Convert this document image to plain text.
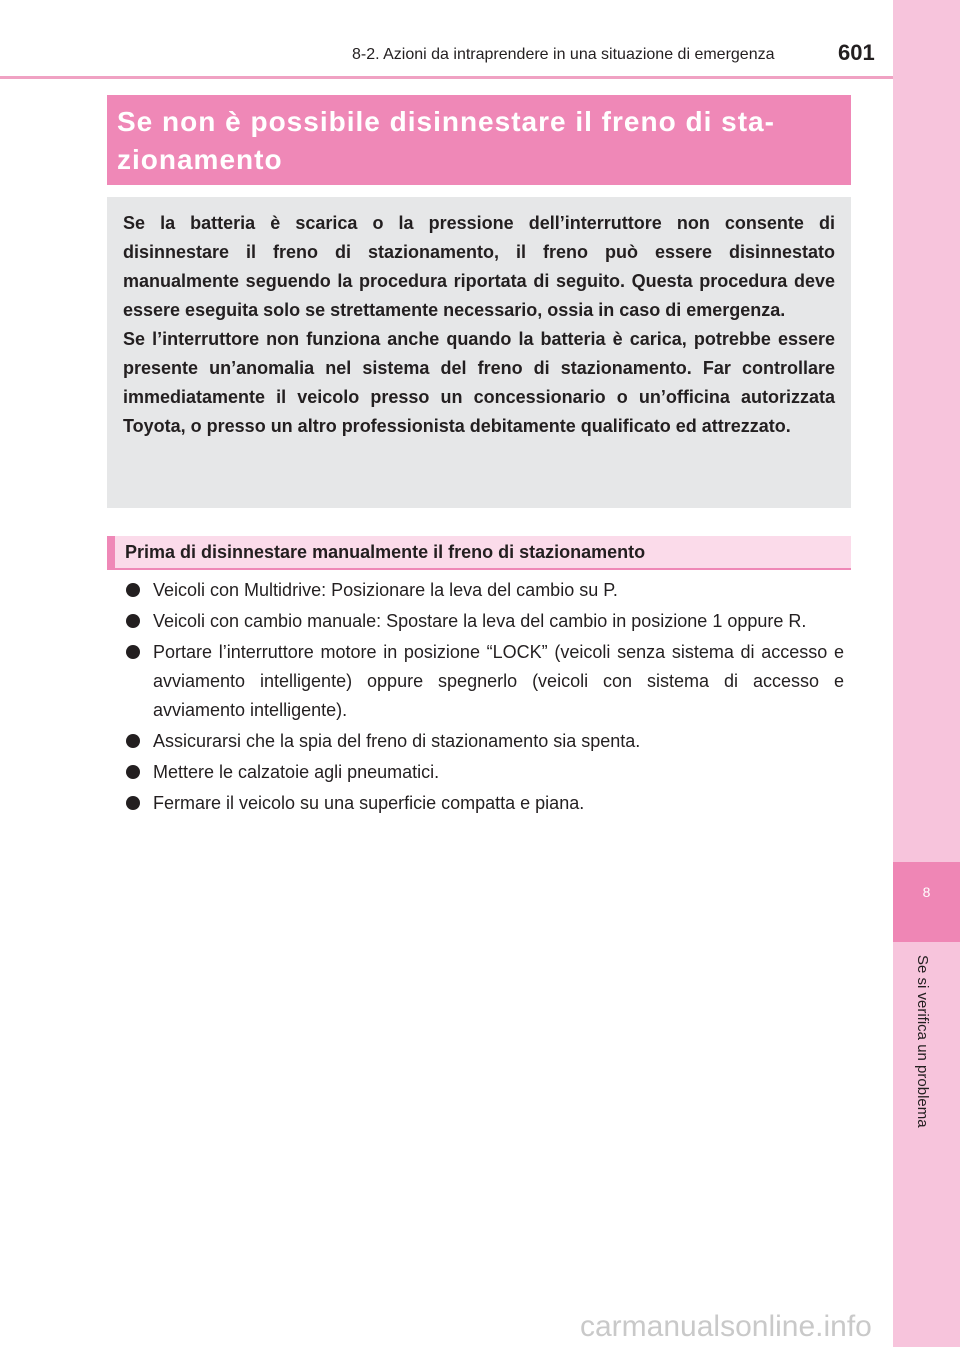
8-2. Azioni da intraprendere in una situazione di emergenza	601
8
Se si verifica un problema
Se non è possibile disinnestare il freno di sta-
zionamento

Se la batteria è scarica o la pressione dell’interruttore non consente di disinnestare il freno di stazionamento, il freno può essere disinnestato manualmente seguendo la procedura riportata di seguito. Questa procedura deve essere eseguita solo se strettamente necessario, ossia in caso di emergenza.

Se l’interruttore non funziona anche quando la batteria è carica, potrebbe essere presente un’anomalia nel sistema del freno di stazionamento. Far controllare immediatamente il veicolo presso un concessionario o un’officina autorizzata Toyota, o presso un altro professionista debitamente qualificato ed attrezzato.

Prima di disinnestare manualmente il freno di stazionamento
Veicoli con Multidrive: Posizionare la leva del cambio su P.
Veicoli con cambio manuale: Spostare la leva del cambio in posizione 1 oppure R.
Portare l’interruttore motore in posizione “LOCK” (veicoli senza sistema di accesso e avviamento intelligente) oppure spegnerlo (veicoli con sistema di accesso e avviamento intelligente).
Assicurarsi che la spia del freno di stazionamento sia spenta.
Mettere le calzatoie agli pneumatici.
Fermare il veicolo su una superficie compatta e piana.
carmanualsonline.info
